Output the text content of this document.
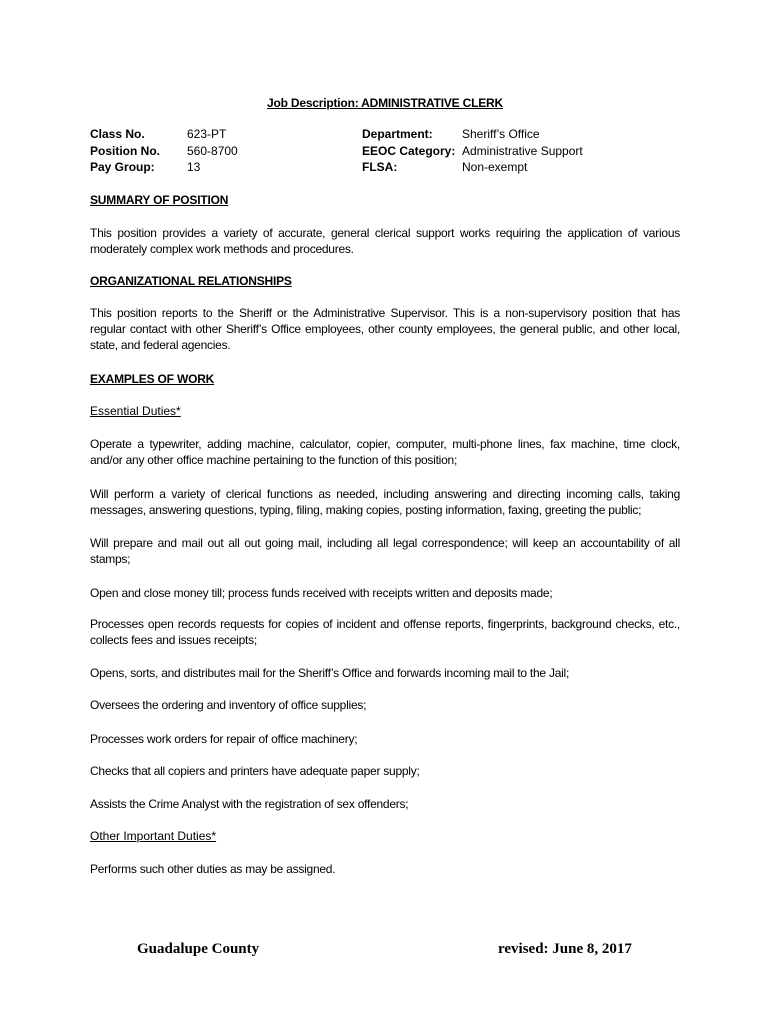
Job Description: ADMINISTRATIVE CLERK
Class No.	623-PT	Department: Sheriff’s Office
Position No. 560-8700	EEOC Category: Administrative Support
Pay Group:	13	FLSA:	Non-exempt
SUMMARY OF POSITION
This position provides a variety of accurate, general clerical support works requiring the application of various moderately complex work methods and procedures.
ORGANIZATIONAL RELATIONSHIPS
This position reports to the Sheriff or the Administrative Supervisor. This is a non-supervisory position that has regular contact with other Sheriff’s Office employees, other county employees, the general public, and other local, state, and federal agencies.
EXAMPLES OF WORK
Essential Duties*
Operate a typewriter, adding machine, calculator, copier, computer, multi-phone lines, fax machine, time clock, and/or any other office machine pertaining to the function of this position;
Will perform a variety of clerical functions as needed, including answering and directing incoming calls, taking messages, answering questions, typing, filing, making copies, posting information, faxing, greeting the public;
Will prepare and mail out all out going mail, including all legal correspondence; will keep an accountability of all stamps;
Open and close money till; process funds received with receipts written and deposits made;
Processes open records requests for copies of incident and offense reports, fingerprints, background checks, etc., collects fees and issues receipts;
Opens, sorts, and distributes mail for the Sheriff’s Office and forwards incoming mail to the Jail;
Oversees the ordering and inventory of office supplies;
Processes work orders for repair of office machinery;
Checks that all copiers and printers have adequate paper supply;
Assists the Crime Analyst with the registration of sex offenders;
Other Important Duties*
Performs such other duties as may be assigned.
Guadalupe County	revised: June 8, 2017
